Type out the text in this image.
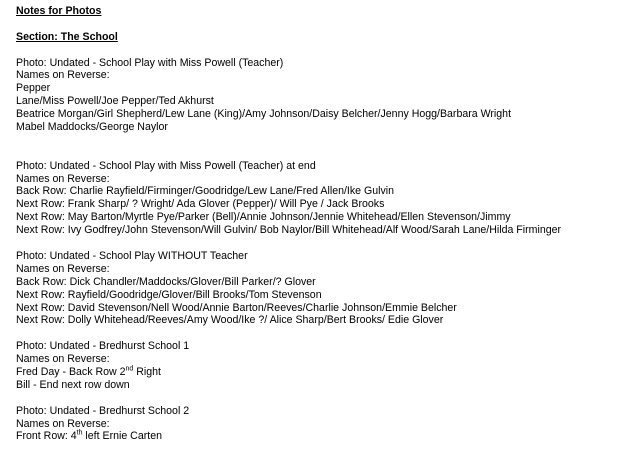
Notes for Photos
Section: The School
Photo: Undated - School Play with Miss Powell (Teacher)
Names on Reverse:
Pepper
Lane/Miss Powell/Joe Pepper/Ted Akhurst
Beatrice Morgan/Girl Shepherd/Lew Lane (King)/Amy Johnson/Daisy Belcher/Jenny Hogg/Barbara Wright
Mabel Maddocks/George Naylor
Photo: Undated - School Play with Miss Powell (Teacher) at end
Names on Reverse:
Back Row: Charlie Rayfield/Firminger/Goodridge/Lew Lane/Fred Allen/Ike Gulvin
Next Row: Frank Sharp/ ? Wright/ Ada Glover (Pepper)/ Will Pye / Jack Brooks
Next Row: May Barton/Myrtle Pye/Parker (Bell)/Annie Johnson/Jennie Whitehead/Ellen Stevenson/Jimmy
Next Row: Ivy Godfrey/John Stevenson/Will Gulvin/ Bob Naylor/Bill Whitehead/Alf Wood/Sarah Lane/Hilda Firminger
Photo: Undated - School Play WITHOUT Teacher
Names on Reverse:
Back Row: Dick Chandler/Maddocks/Glover/Bill Parker/? Glover
Next Row: Rayfield/Goodridge/Glover/Bill Brooks/Tom Stevenson
Next Row: David Stevenson/Nell Wood/Annie Barton/Reeves/Charlie Johnson/Emmie Belcher
Next Row: Dolly Whitehead/Reeves/Amy Wood/Ike ?/ Alice Sharp/Bert Brooks/ Edie Glover
Photo: Undated - Bredhurst School 1
Names on Reverse:
Fred Day - Back Row 2nd Right
Bill - End next row down
Photo: Undated - Bredhurst School 2
Names on Reverse:
Front Row: 4th left Ernie Carten
